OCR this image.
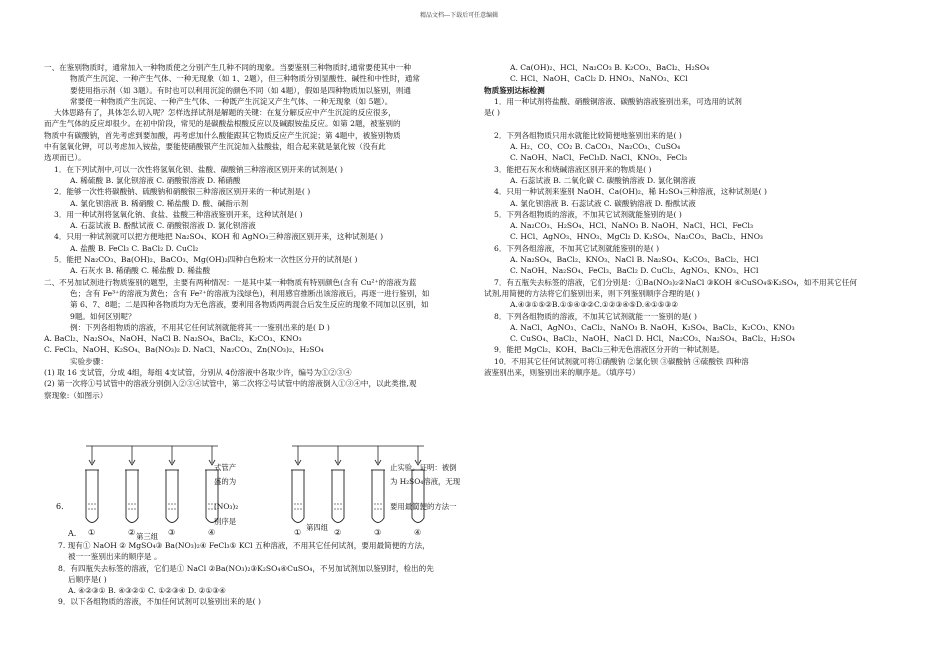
精品文档---下载后可任意编辑

一、在鉴别物质时，通常加入一种物质使之分别产生几种不同的现象。当要鉴别三种物质时,通常要使其中一种

物质产生沉淀、一种产生气体、一种无现象（如 1、2题），但三种物质分别显酸性、碱性和中性时，通常

要使用指示剂（如 3题）。有时也可以利用沉淀的颜色不同（如 4题），假如是四种物质加以鉴别，则通

常要使一种物质产生沉淀、一种产生气体、一种既产生沉淀又产生气体、一种无现象（如 5题）。

大体思路有了，具体怎么切入呢？怎样选择试剂是解题的关键：在复分解反应中产生沉淀的反应很多，

而产生气体的反应却很少。在初中阶段，常见的是碳酸盐根酸反应以及碱跟铵盐反应。如第 2题，被鉴别的

物质中有碳酸钠，首先考虑到要加酸，再考虑加什么酸能跟其它物质反应产生沉淀；第 4题中，被鉴别物质

中有氢氧化钾，可以考虑加入铵盐，要能使硝酸银产生沉淀加入盐酸盐，组合起来就是氯化铵（没有此

选项而已）。

1．在下列试剂中,可以一次性将氢氧化钡、盐酸、碳酸钠三种溶液区别开来的试剂是( )

A. 稀硫酸 B. 氯化钡溶液 C. 硝酸银溶液 D. 稀硝酸

2．能够一次性将碳酸钠、硫酸钠和硝酸银三种溶液区别开来的一种试剂是( )

A. 氯化钡溶液 B. 稀硝酸 C. 稀盐酸 D. 酸、碱指示剂

3．用一种试剂将氢氧化钠、食盐、盐酸三种溶液鉴别开来，这种试剂是( )

A. 石蕊试液 B. 酚酞试液 C. 硝酸银溶液 D. 氯化钡溶液

4．只用一种试剂就可以把方便地把 Na₂SO₄、KOH 和 AgNO₃三种溶液区别开来，这种试剂是( )

A. 盐酸 B. FeCl₃ C. BaCl₂ D. CuCl₂

5．能把 Na₂CO₃、Ba(OH)₂、BaCO₃、Mg(OH)₂四种白色粉末一次性区分开的试剂是( )

A. 石灰水 B. 稀硝酸 C. 稀盐酸 D. 稀盐酸

二、不另加试剂进行物质鉴别的题型，主要有两种情况：一是其中某一种物质有特别颜色(含有 Cu²⁺的溶液为蓝

色；含有 Fe³⁺的溶液为黄色；含有 Fe²⁺的溶液为浅绿色)，利用感官推断出该溶液后，再逐一进行鉴别，如

第 6、7、8题；二是四种各物质均为无色溶液，要利用各物质两两混合后发生反应的现象不同加以区别，如

9题。如何区别呢？

例：下列各组物质的溶液，不用其它任何试剂就能将其一一鉴别出来的是( D )

A. BaCl₂、Na₂SO₄、NaOH、NaCl B. Na₂SO₄、BaCl₂、K₂CO₃、KNO₃

C. FeCl₃、NaOH、K₂SO₄、Ba(NO₃)₂ D. NaCl、Na₂CO₃、Zn(NO₃)₂、H₂SO₄

实验步骤：

(1) 取 16 支试管，分成 4组，每组 4支试管，分别从 4份溶液中各取少许，编号为①②③④

(2) 第一次将①号试管中的溶液分别倒入②③④试管中，第二次将②号试管中的溶液倒入①③④中，以此类推,观

察现象:（如图示）

①	②	③	④	①	②	③	④
6.
A.	第三组
第四组
式管产
盛的为
(NO₃)₂
别序是
止实验。证明：被倒
为 H₂SO₄溶液，无现
要用最简便的方法一

7. 现有① NaOH ② MgSO₄③ Ba(NO₃)₂④ FeCl₃⑤ KCl 五种溶液，不用其它任何试剂，要用最简便的方法，

被一一鉴别出来的顺序是 。

8．有四瓶失去标签的溶液，它们是① NaCl ②Ba(NO₃)₂③K₂SO₄④CuSO₄，不另加试剂加以鉴别时，检出的先

后顺序是( )

A. ④②③① B. ④③②① C. ①②③④ D. ②①③④

9．以下各组物质的溶液，不加任何试剂可以鉴别出来的是( )

A. Ca(OH)₂、HCl、Na₂CO₃ B. K₂CO₃、BaCl₂、H₂SO₄

C. HCl、NaOH、CaCl₂ D. HNO₃、NaNO₃、KCl

物质鉴别达标检测

1．用一种试剂将盐酸、硝酸铜溶液、碳酸钠溶液鉴别出来，可选用的试剂

是( )

2．下列各组物质只用水就能比较简便地鉴别出来的是( )

A. H₂、CO、CO₂ B. CaCO₃、Na₂CO₃、CuSO₄

C. NaOH、NaCl、FeCl₃D. NaCl、KNO₃、FeCl₃

3．能把石灰水和烧碱溶液区别开来的物质是( )

A. 石蕊试液 B. 二氧化碳 C. 碳酸钠溶液 D. 氯化铜溶液

4．只用一种试剂来鉴别 NaOH、Ca(OH)₂、稀 H₂SO₄三种溶液，这种试剂是( )

A. 氯化钡溶液 B. 石蕊试液 C. 碳酸钠溶液 D. 酚酞试液

5．下列各组物质的溶液，不加其它试剂就能鉴别的是( )

A. Na₂CO₃、H₂SO₄、HCl、NaNO₃ B. NaOH、NaCl、HCl、FeCl₃

C. HCl、AgNO₃、HNO₃、MgCl₂ D. K₂SO₄、Na₂CO₃、BaCl₂、HNO₃

6．下列各组溶液，不加其它试剂就能鉴别的是( )

A. Na₂SO₄、BaCl₂、KNO₃、NaCl B. Na₂SO₄、K₂CO₃、BaCl₂、HCl

C. NaOH、Na₂SO₄、FeCl₃、BaCl₂ D. CuCl₂、AgNO₃、KNO₃、HCl

7．有五瓶失去标签的溶液，它们分别是：①Ba(NO₃)₂②NaCl ③KOH ④CuSO₄⑤K₂SO₄，如不用其它任何

试剂,用简便的方法将它们鉴别出来，则下列鉴别顺序合理的是( )

A.④③①⑤②B.①⑤④③②C.①②③④⑤D.④①⑤③②

8．下列各组物质的溶液，不加其它试剂就能一一鉴别的是( )

A. NaCl、AgNO₃、CaCl₂、NaNO₃ B. NaOH、K₂SO₄、BaCl₂、K₂CO₃、KNO₃

C. CuSO₄、BaCl₂、NaOH、NaCl D. HCl、Na₂CO₃、Na₂SO₄、BaCl₂、H₂SO₄

9．能把 MgCl₂、KOH、BaCl₂三种无色溶液区分开的一种试剂是。

10．不用其它任何试剂就可将①硝酸钠 ②氯化钡 ③碳酸钠 ④硫酸铁 四种溶

液鉴别出来，则鉴别出来的顺序是。（填序号）
